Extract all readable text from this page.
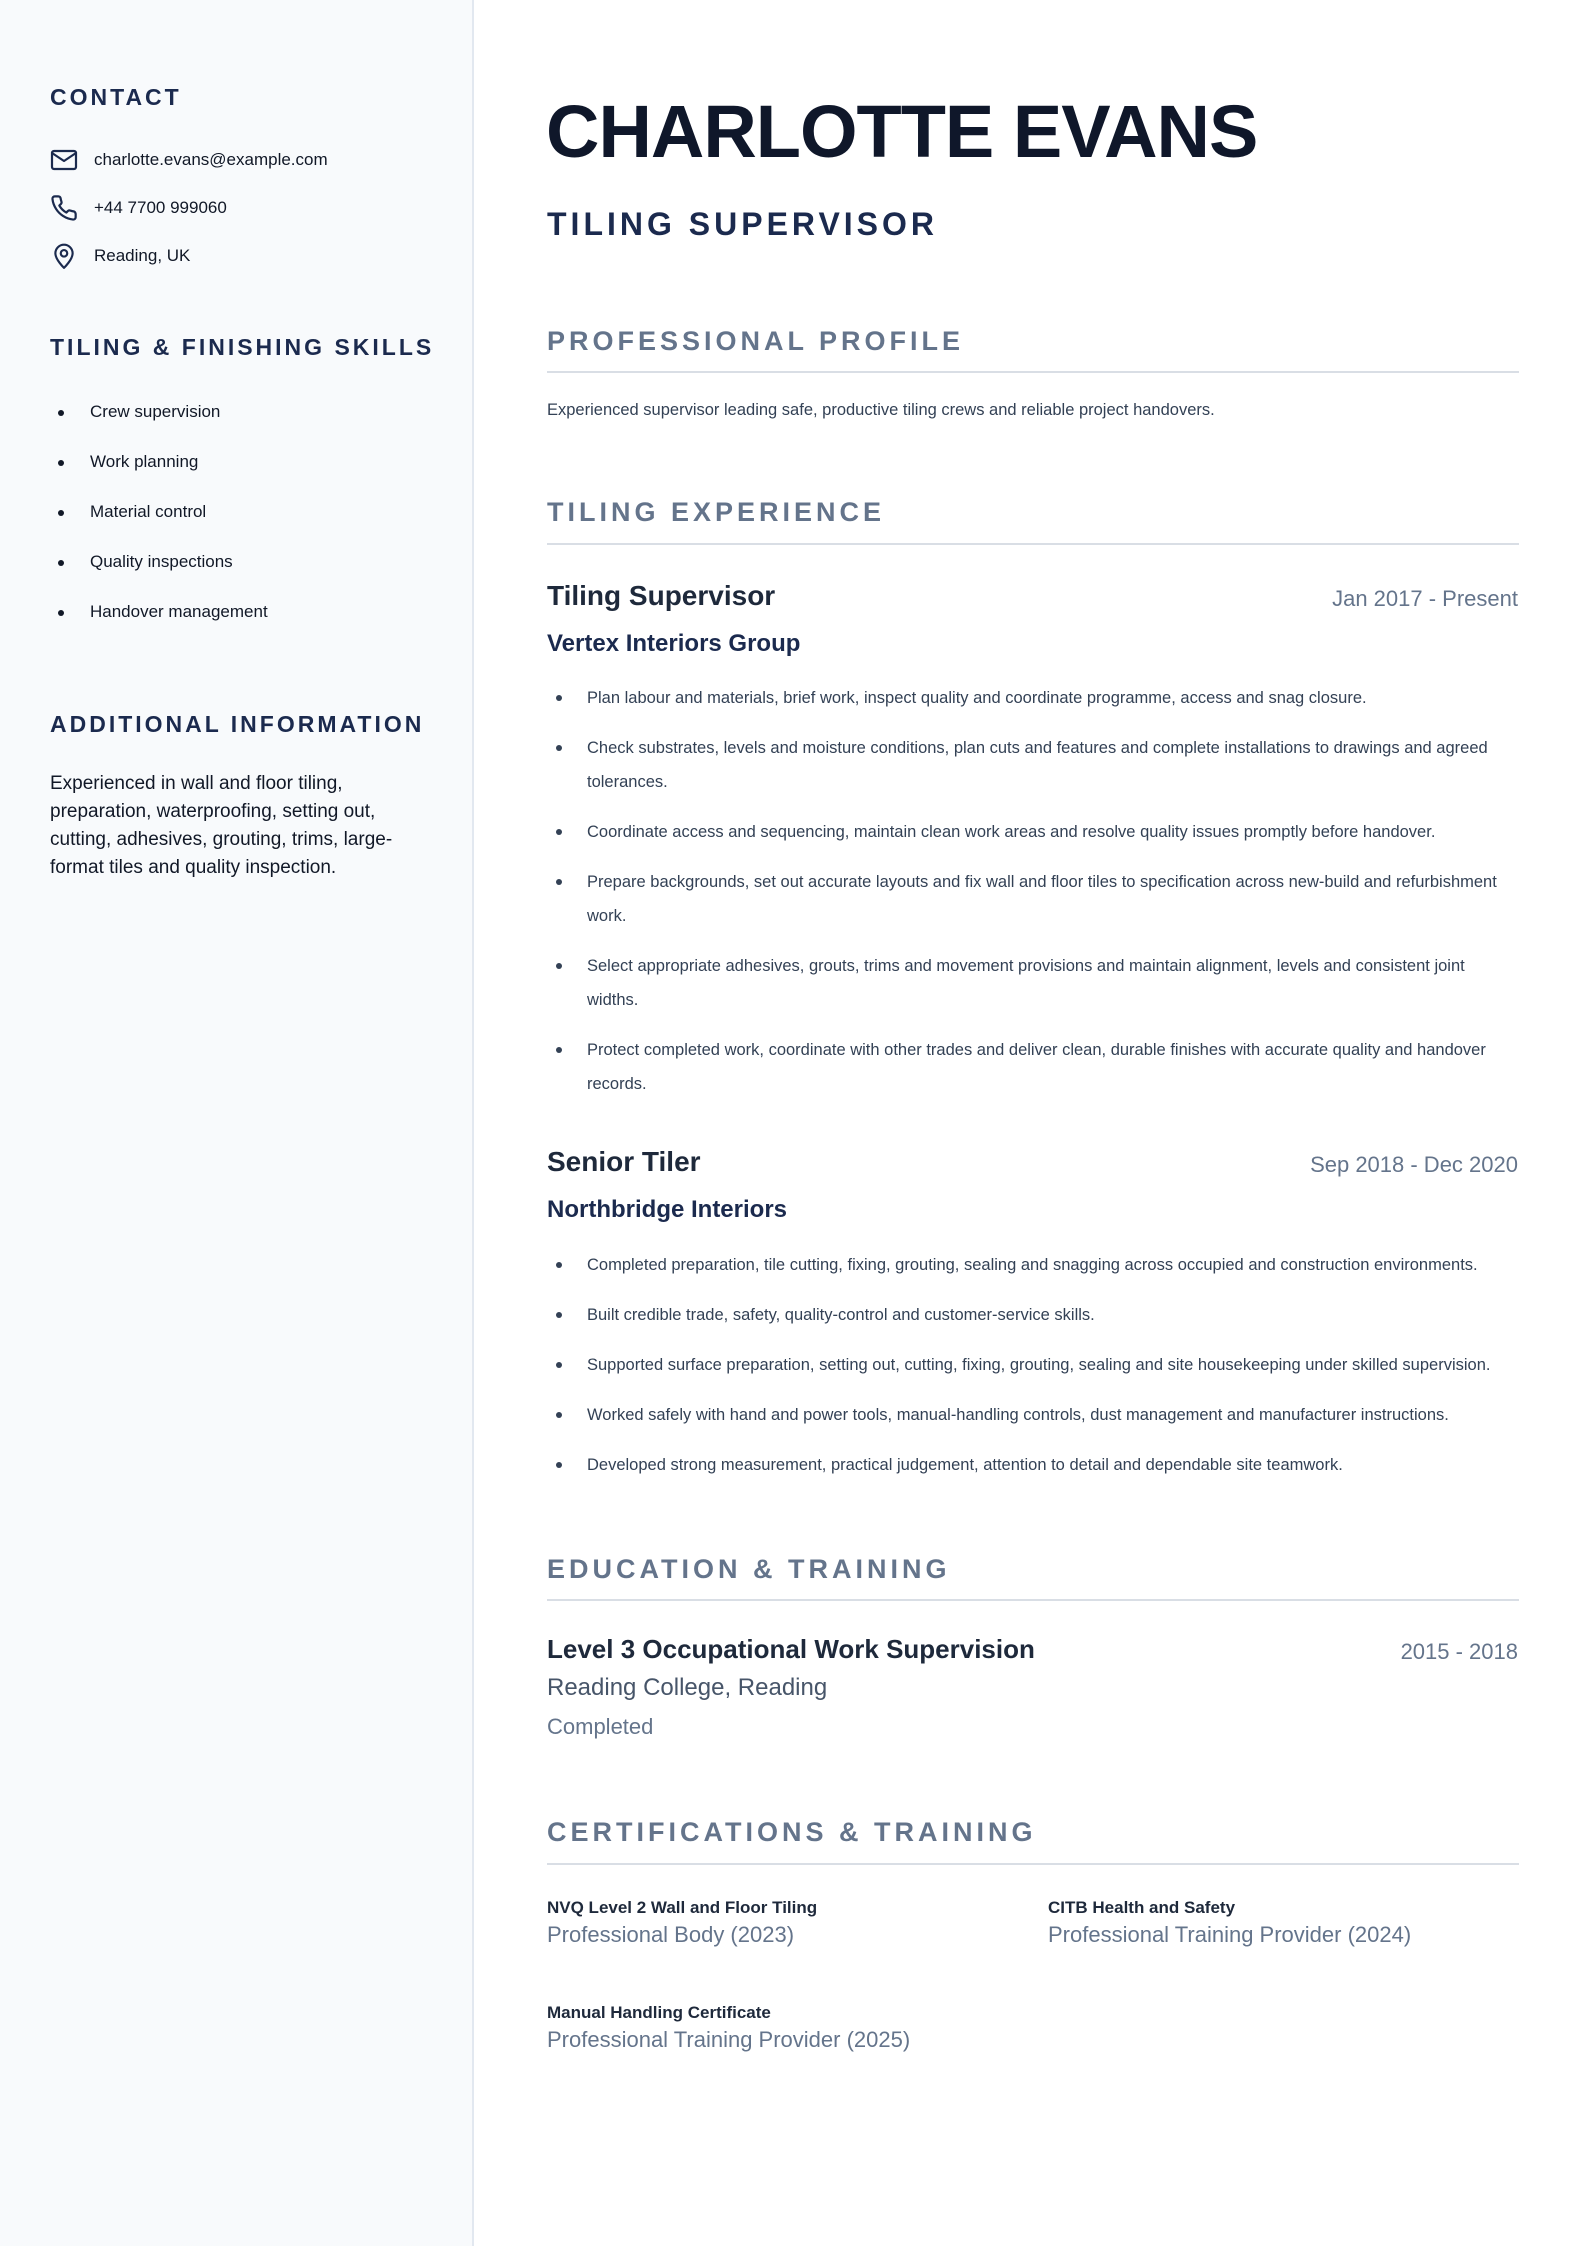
CONTACT
charlotte.evans@example.com
+44 7700 999060
Reading, UK
TILING & FINISHING SKILLS
Crew supervision
Work planning
Material control
Quality inspections
Handover management
ADDITIONAL INFORMATION

Experienced in wall and floor tiling, preparation, waterproofing, setting out, cutting, adhesives, grouting, trims, large-format tiles and quality inspection.

CHARLOTTE EVANS
TILING SUPERVISOR
PROFESSIONAL PROFILE

Experienced supervisor leading safe, productive tiling crews and reliable project handovers.

TILING EXPERIENCE
Tiling Supervisor	Jan 2017 - Present

Vertex Interiors Group

Plan labour and materials, brief work, inspect quality and coordinate programme, access and snag closure.
Check substrates, levels and moisture conditions, plan cuts and features and complete installations to drawings and agreed tolerances.
Coordinate access and sequencing, maintain clean work areas and resolve quality issues promptly before handover.
Prepare backgrounds, set out accurate layouts and fix wall and floor tiles to specification across new-build and refurbishment work.
Select appropriate adhesives, grouts, trims and movement provisions and maintain alignment, levels and consistent joint widths.
Protect completed work, coordinate with other trades and deliver clean, durable finishes with accurate quality and handover records.
Senior Tiler	Sep 2018 - Dec 2020

Northbridge Interiors

Completed preparation, tile cutting, fixing, grouting, sealing and snagging across occupied and construction environments.
Built credible trade, safety, quality-control and customer-service skills.
Supported surface preparation, setting out, cutting, fixing, grouting, sealing and site housekeeping under skilled supervision.
Worked safely with hand and power tools, manual-handling controls, dust management and manufacturer instructions.
Developed strong measurement, practical judgement, attention to detail and dependable site teamwork.
EDUCATION & TRAINING
Level 3 Occupational Work Supervision	2015 - 2018

Reading College, Reading

Completed

CERTIFICATIONS & TRAINING

NVQ Level 2 Wall and Floor Tiling

Professional Body (2023)

CITB Health and Safety

Professional Training Provider (2024)

Manual Handling Certificate

Professional Training Provider (2025)
